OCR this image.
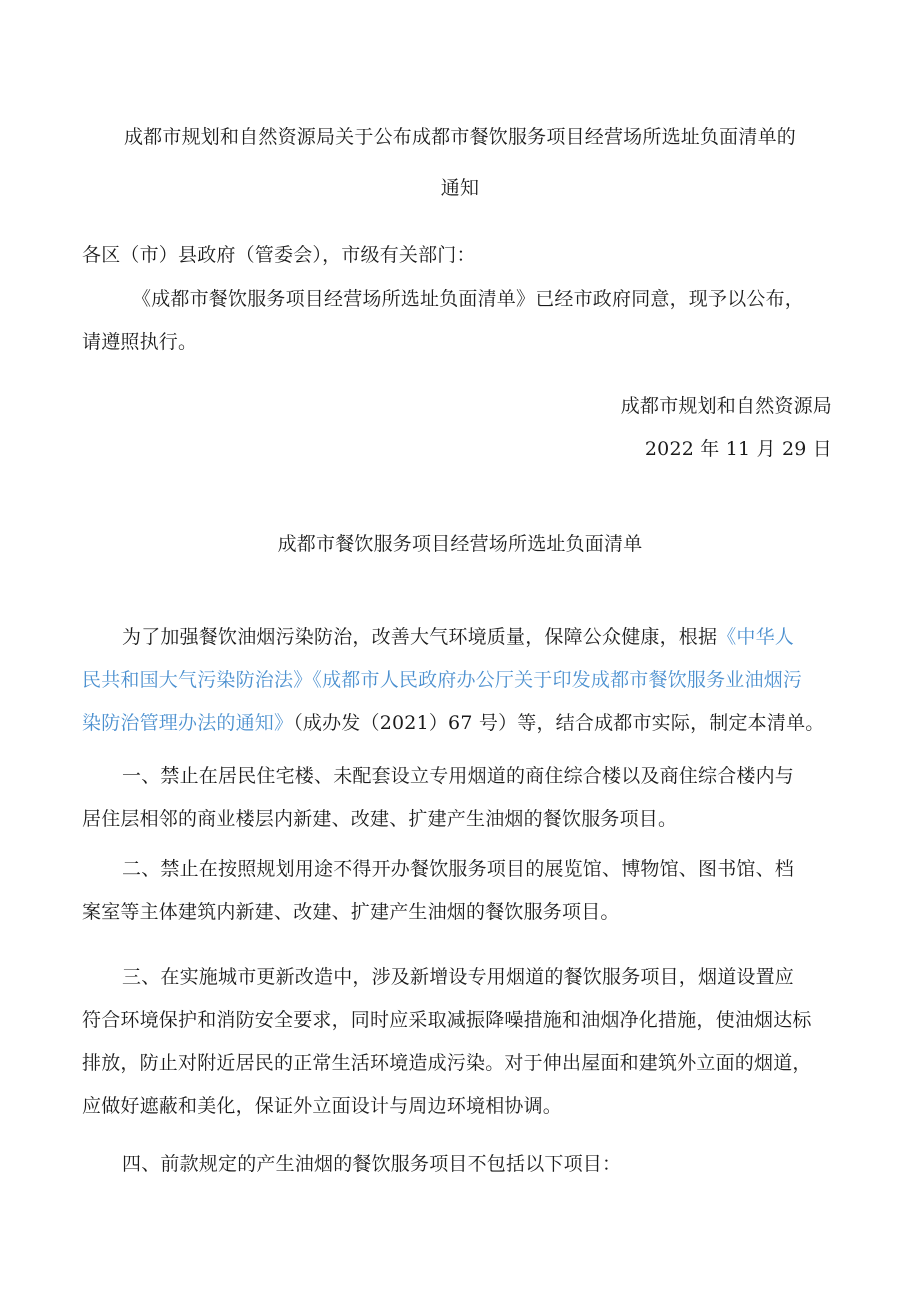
成都市规划和自然资源局关于公布成都市餐饮服务项目经营场所选址负面清单的
通知
各区（市）县政府（管委会），市级有关部门：
《成都市餐饮服务项目经营场所选址负面清单》已经市政府同意，现予以公布，
请遵照执行。
成都市规划和自然资源局
2022 年 11 月 29 日
成都市餐饮服务项目经营场所选址负面清单
为了加强餐饮油烟污染防治，改善大气环境质量，保障公众健康，根据《中华人
民共和国大气污染防治法》《成都市人民政府办公厅关于印发成都市餐饮服务业油烟污
染防治管理办法的通知》（成办发（2021）67 号）等，结合成都市实际，制定本清单。
一、禁止在居民住宅楼、未配套设立专用烟道的商住综合楼以及商住综合楼内与
居住层相邻的商业楼层内新建、改建、扩建产生油烟的餐饮服务项目。
二、禁止在按照规划用途不得开办餐饮服务项目的展览馆、博物馆、图书馆、档
案室等主体建筑内新建、改建、扩建产生油烟的餐饮服务项目。
三、在实施城市更新改造中，涉及新增设专用烟道的餐饮服务项目，烟道设置应
符合环境保护和消防安全要求，同时应采取减振降噪措施和油烟净化措施，使油烟达标
排放，防止对附近居民的正常生活环境造成污染。对于伸出屋面和建筑外立面的烟道，
应做好遮蔽和美化，保证外立面设计与周边环境相协调。
四、前款规定的产生油烟的餐饮服务项目不包括以下项目：
